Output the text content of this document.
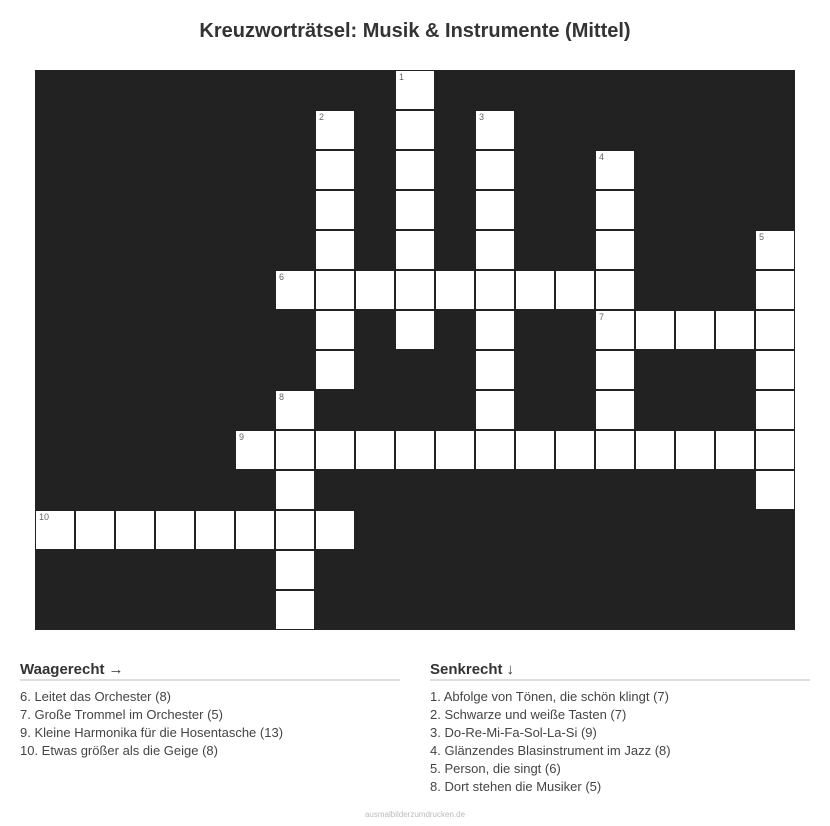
Kreuzworträtsel: Musik & Instrumente (Mittel)
1
2	3
4
5
6
7
8
9
10
Waagerecht →
6. Leitet das Orchester (8)
7. Große Trommel im Orchester (5)
9. Kleine Harmonika für die Hosentasche (13)
10. Etwas größer als die Geige (8)
Senkrecht ↓
1. Abfolge von Tönen, die schön klingt (7)
2. Schwarze und weiße Tasten (7)
3. Do-Re-Mi-Fa-Sol-La-Si (9)
4. Glänzendes Blasinstrument im Jazz (8)
5. Person, die singt (6)
8. Dort stehen die Musiker (5)
ausmalbilderzumdrucken.de
